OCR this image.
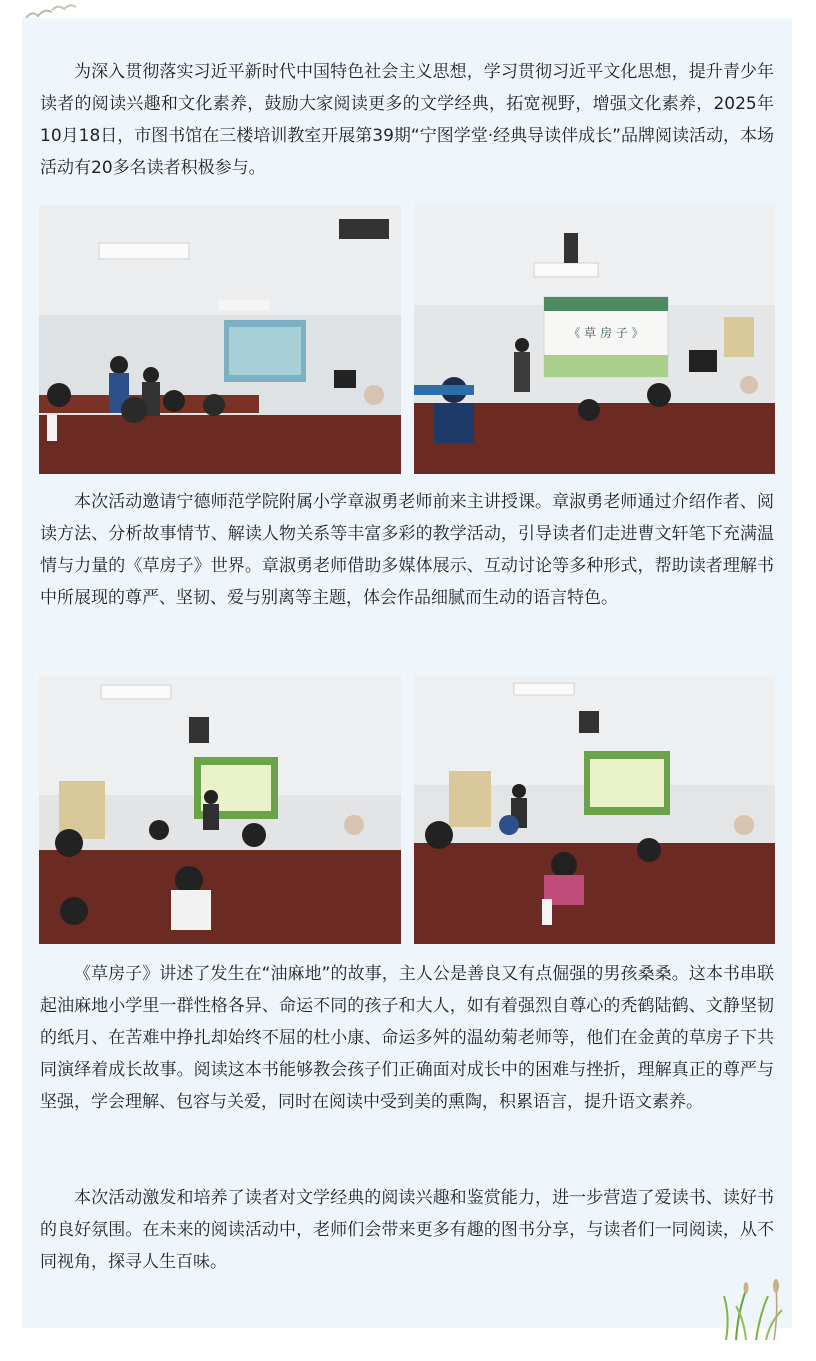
为深入贯彻落实习近平新时代中国特色社会主义思想，学习贯彻习近平文化思想，提升青少年读者的阅读兴趣和文化素养，鼓励大家阅读更多的文学经典，拓宽视野，增强文化素养，2025年10月18日，市图书馆在三楼培训教室开展第39期“宁图学堂·经典导读伴成长”品牌阅读活动，本场活动有20多名读者积极参与。

《 草 房 子 》

本次活动邀请宁德师范学院附属小学章淑勇老师前来主讲授课。章淑勇老师通过介绍作者、阅读方法、分析故事情节、解读人物关系等丰富多彩的教学活动，引导读者们走进曹文轩笔下充满温情与力量的《草房子》世界。章淑勇老师借助多媒体展示、互动讨论等多种形式，帮助读者理解书中所展现的尊严、坚韧、爱与别离等主题，体会作品细腻而生动的语言特色。

《草房子》讲述了发生在“油麻地”的故事，主人公是善良又有点倔强的男孩桑桑。这本书串联起油麻地小学里一群性格各异、命运不同的孩子和大人，如有着强烈自尊心的秃鹤陆鹤、文静坚韧的纸月、在苦难中挣扎却始终不屈的杜小康、命运多舛的温幼菊老师等，他们在金黄的草房子下共同演绎着成长故事。阅读这本书能够教会孩子们正确面对成长中的困难与挫折，理解真正的尊严与坚强，学会理解、包容与关爱，同时在阅读中受到美的熏陶，积累语言，提升语文素养。

本次活动激发和培养了读者对文学经典的阅读兴趣和鉴赏能力，进一步营造了爱读书、读好书的良好氛围。在未来的阅读活动中，老师们会带来更多有趣的图书分享，与读者们一同阅读，从不同视角，探寻人生百味。
